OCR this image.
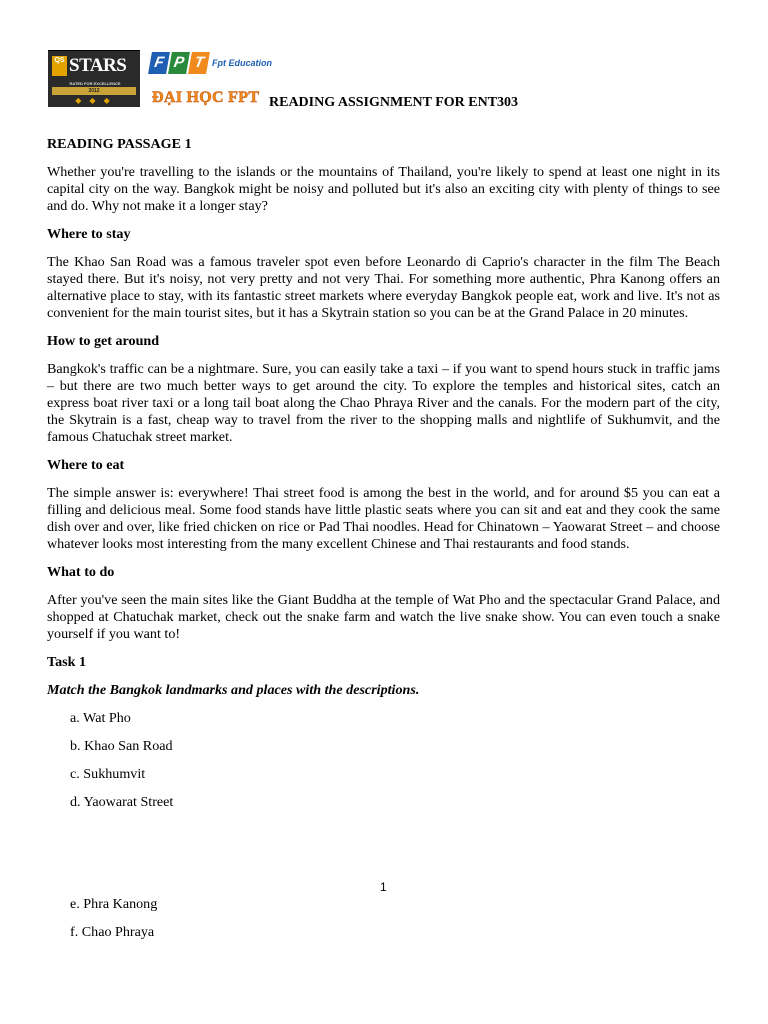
QS STARS
RATED FOR EXCELLENCE
2012
◆ ◆ ◆
F P T Fpt Education
ĐẠI HỌC FPT READING ASSIGNMENT FOR ENT303

READING PASSAGE 1

Whether you're travelling to the islands or the mountains of Thailand, you're likely to spend at least one night in its capital city on the way. Bangkok might be noisy and polluted but it's also an exciting city with plenty of things to see and do. Why not make it a longer stay?

Where to stay

The Khao San Road was a famous traveler spot even before Leonardo di Caprio's character in the film The Beach stayed there. But it's noisy, not very pretty and not very Thai. For something more authentic, Phra Kanong offers an alternative place to stay, with its fantastic street markets where everyday Bangkok people eat, work and live. It's not as convenient for the main tourist sites, but it has a Skytrain station so you can be at the Grand Palace in 20 minutes.

How to get around

Bangkok's traffic can be a nightmare. Sure, you can easily take a taxi – if you want to spend hours stuck in traffic jams – but there are two much better ways to get around the city. To explore the temples and historical sites, catch an express boat river taxi or a long tail boat along the Chao Phraya River and the canals. For the modern part of the city, the Skytrain is a fast, cheap way to travel from the river to the shopping malls and nightlife of Sukhumvit, and the famous Chatuchak street market.

Where to eat

The simple answer is: everywhere! Thai street food is among the best in the world, and for around $5 you can eat a filling and delicious meal. Some food stands have little plastic seats where you can sit and eat and they cook the same dish over and over, like fried chicken on rice or Pad Thai noodles. Head for Chinatown – Yaowarat Street – and choose whatever looks most interesting from the many excellent Chinese and Thai restaurants and food stands.

What to do

After you've seen the main sites like the Giant Buddha at the temple of Wat Pho and the spectacular Grand Palace, and shopped at Chatuchak market, check out the snake farm and watch the live snake show. You can even touch a snake yourself if you want to!

Task 1

Match the Bangkok landmarks and places with the descriptions.

a. Wat Pho

b. Khao San Road

c. Sukhumvit

d. Yaowarat Street

1

e. Phra Kanong

f. Chao Phraya
